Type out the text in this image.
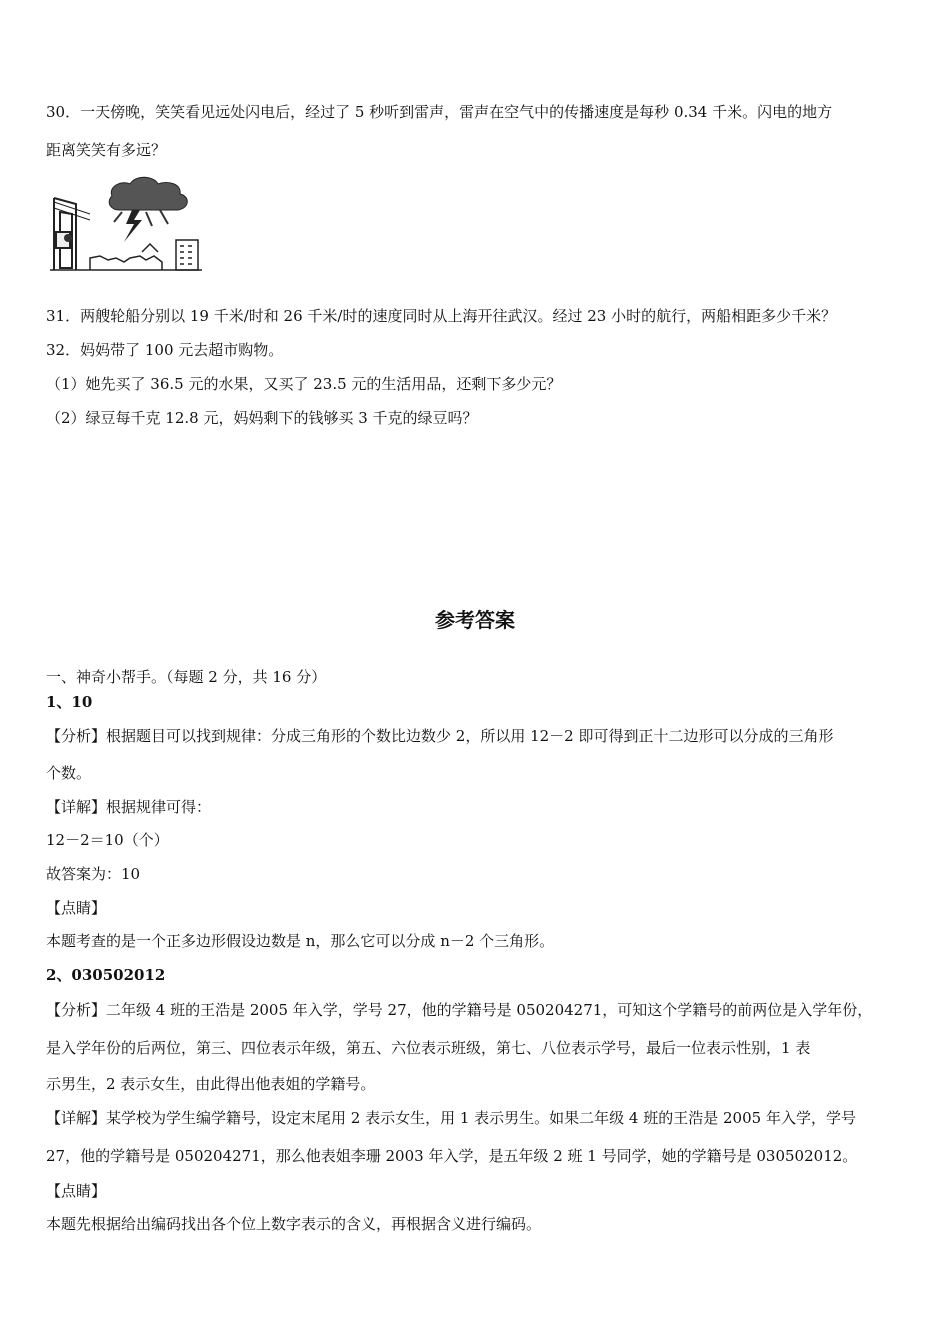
30．一天傍晚，笑笑看见远处闪电后，经过了 5 秒听到雷声，雷声在空气中的传播速度是每秒 0.34 千米。闪电的地方
距离笑笑有多远？
31．两艘轮船分别以 19 千米/时和 26 千米/时的速度同时从上海开往武汉。经过 23 小时的航行，两船相距多少千米？
32．妈妈带了 100 元去超市购物。
（1）她先买了 36.5 元的水果，又买了 23.5 元的生活用品，还剩下多少元？
（2）绿豆每千克 12.8 元，妈妈剩下的钱够买 3 千克的绿豆吗？
参考答案
一、神奇小帮手。（每题 2 分，共 16 分）
1、10
【分析】根据题目可以找到规律：分成三角形的个数比边数少 2，所以用 12－2 即可得到正十二边形可以分成的三角形
个数。
【详解】根据规律可得：
12－2＝10（个）
故答案为：10
【点睛】
本题考查的是一个正多边形假设边数是 n，那么它可以分成 n－2 个三角形。
2、030502012
【分析】二年级 4 班的王浩是 2005 年入学，学号 27，他的学籍号是 050204271，可知这个学籍号的前两位是入学年份，
是入学年份的后两位，第三、四位表示年级，第五、六位表示班级，第七、八位表示学号，最后一位表示性别，1 表
示男生，2 表示女生，由此得出他表姐的学籍号。
【详解】某学校为学生编学籍号，设定末尾用 2 表示女生，用 1 表示男生。如果二年级 4 班的王浩是 2005 年入学，学号
27，他的学籍号是 050204271，那么他表姐李珊 2003 年入学，是五年级 2 班 1 号同学，她的学籍号是 030502012。
【点睛】
本题先根据给出编码找出各个位上数字表示的含义，再根据含义进行编码。
